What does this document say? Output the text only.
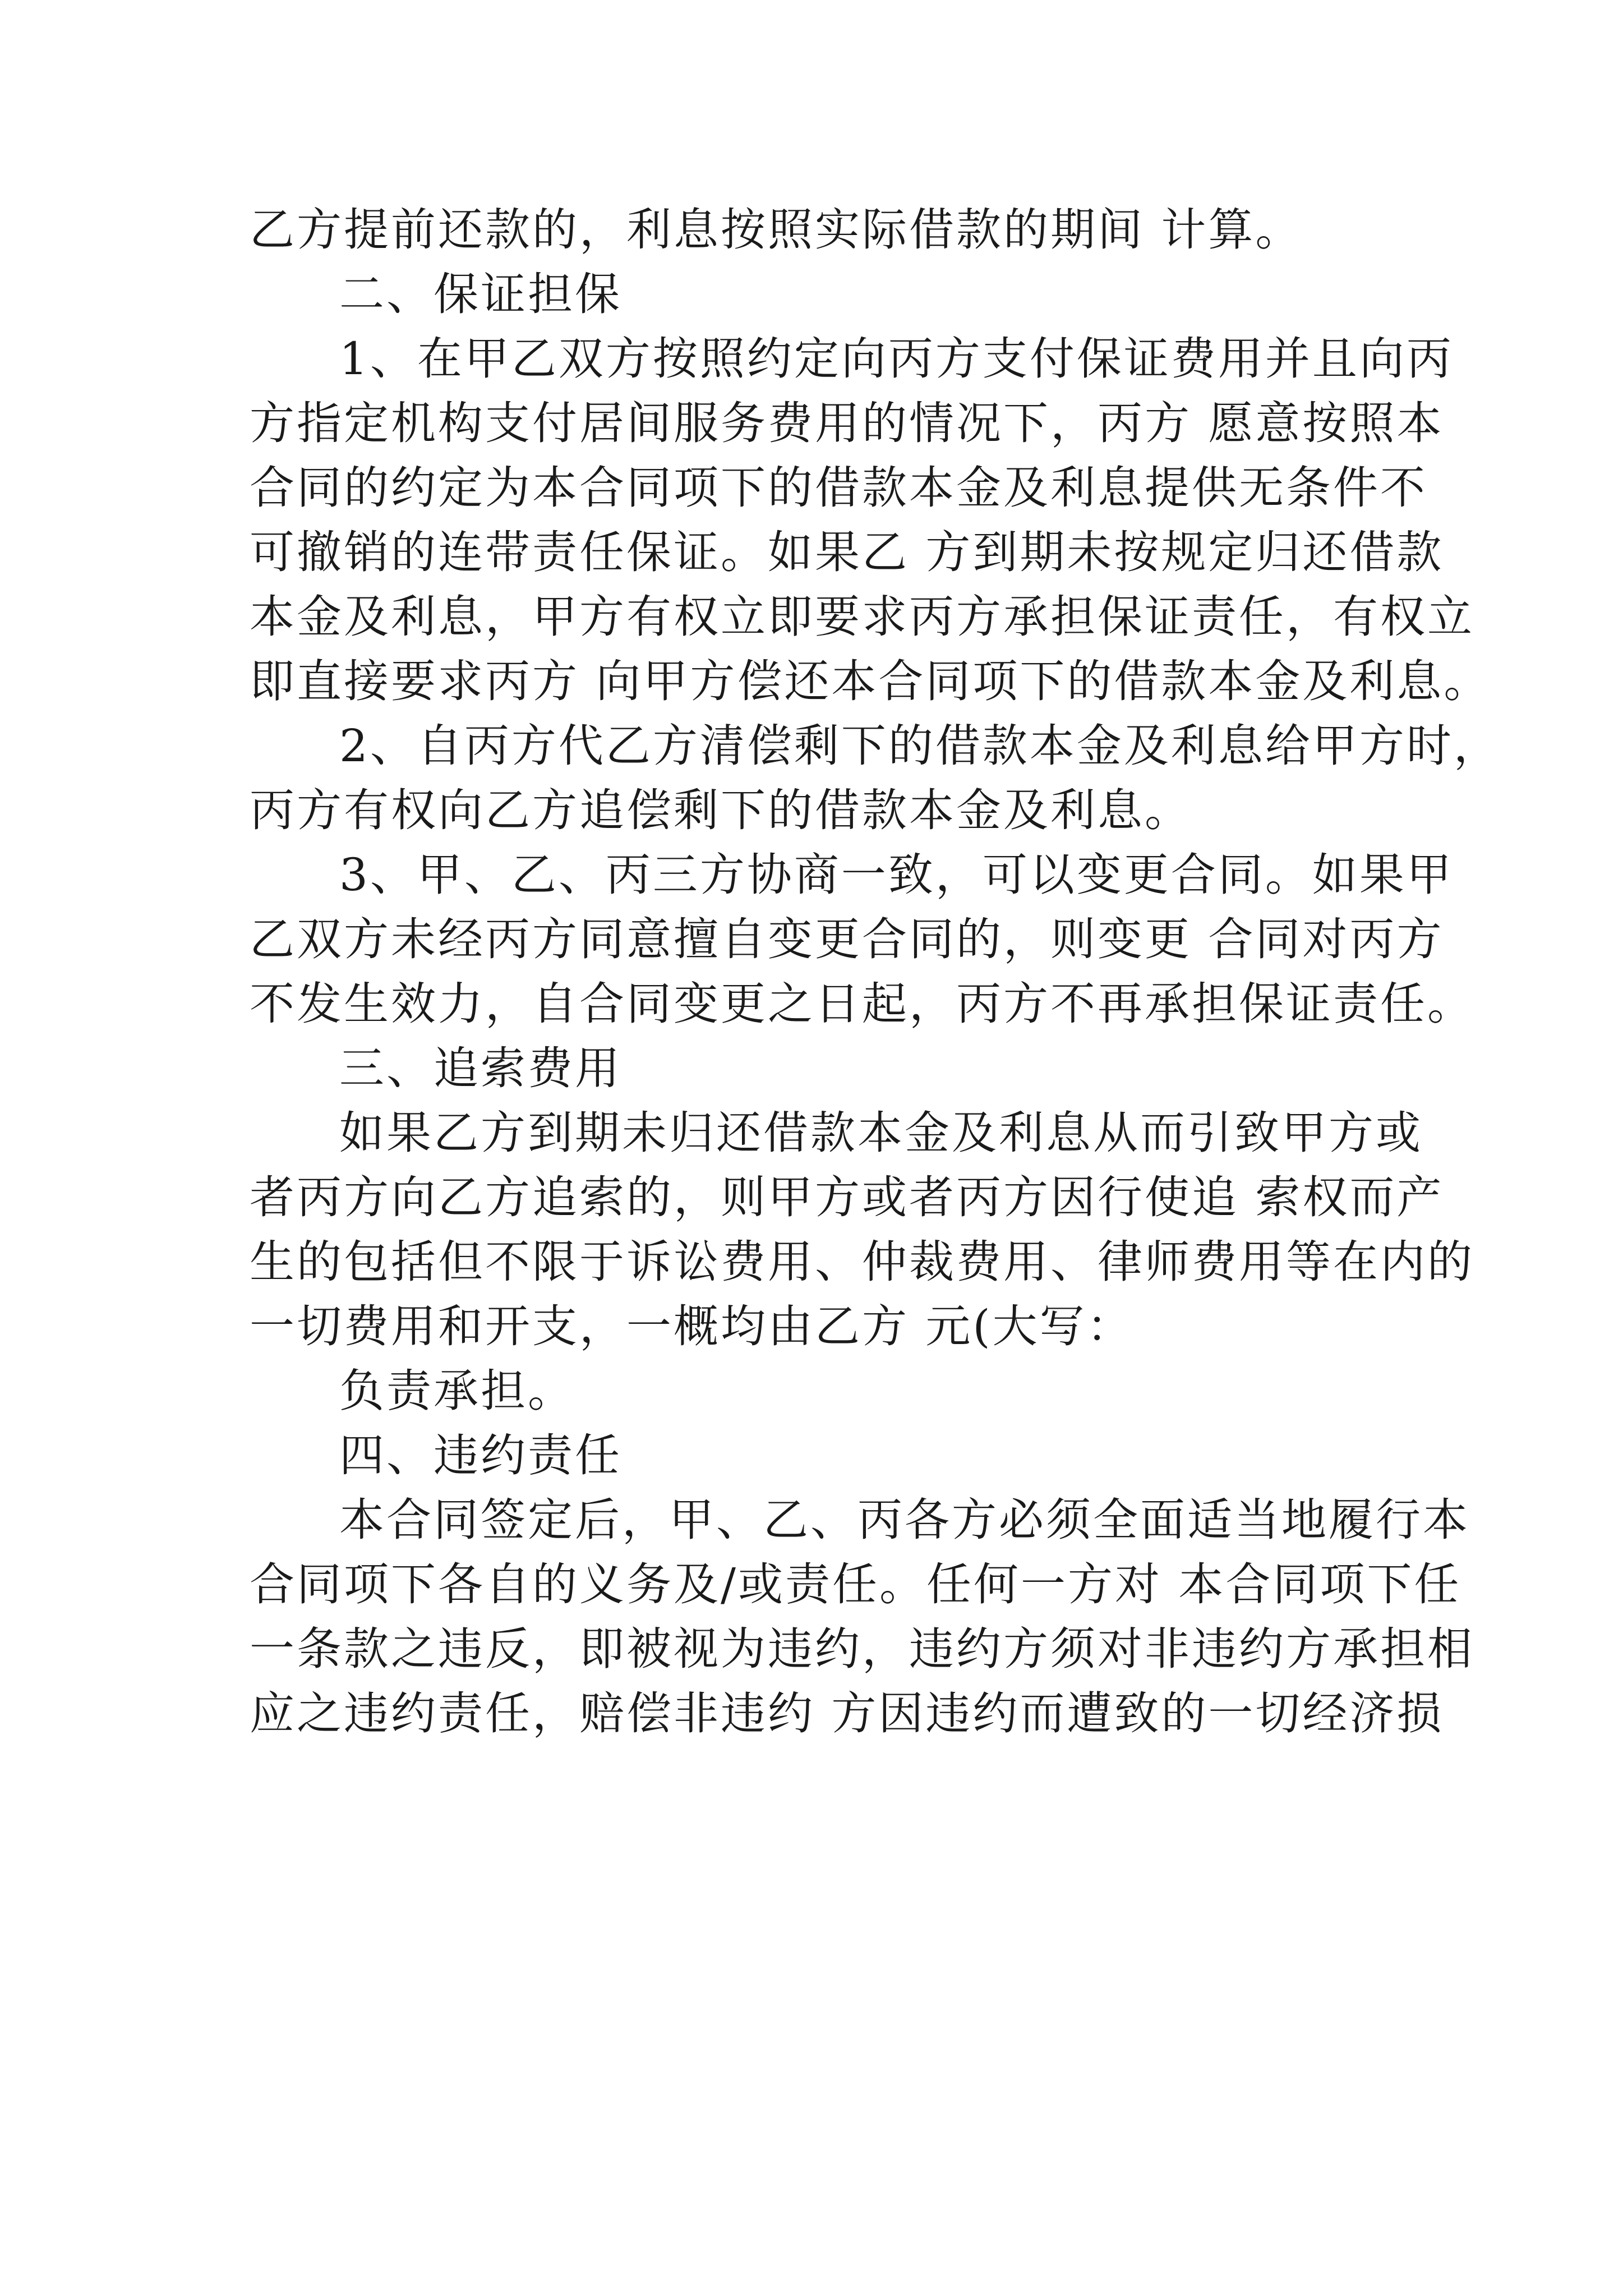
乙方提前还款的，利息按照实际借款的期间 计算。
二、保证担保
1、在甲乙双方按照约定向丙方支付保证费用并且向丙
方指定机构支付居间服务费用的情况下，丙方 愿意按照本
合同的约定为本合同项下的借款本金及利息提供无条件不
可撤销的连带责任保证。如果乙 方到期未按规定归还借款
本金及利息，甲方有权立即要求丙方承担保证责任，有权立
即直接要求丙方 向甲方偿还本合同项下的借款本金及利息。
2、自丙方代乙方清偿剩下的借款本金及利息给甲方时，
丙方有权向乙方追偿剩下的借款本金及利息。
3、甲、乙、丙三方协商一致，可以变更合同。如果甲
乙双方未经丙方同意擅自变更合同的，则变更 合同对丙方
不发生效力，自合同变更之日起，丙方不再承担保证责任。
三、追索费用
如果乙方到期未归还借款本金及利息从而引致甲方或
者丙方向乙方追索的，则甲方或者丙方因行使追 索权而产
生的包括但不限于诉讼费用、仲裁费用、律师费用等在内的
一切费用和开支，一概均由乙方 元(大写：
负责承担。
四、违约责任
本合同签定后，甲、乙、丙各方必须全面适当地履行本
合同项下各自的义务及/或责任。任何一方对 本合同项下任
一条款之违反，即被视为违约，违约方须对非违约方承担相
应之违约责任，赔偿非违约 方因违约而遭致的一切经济损
